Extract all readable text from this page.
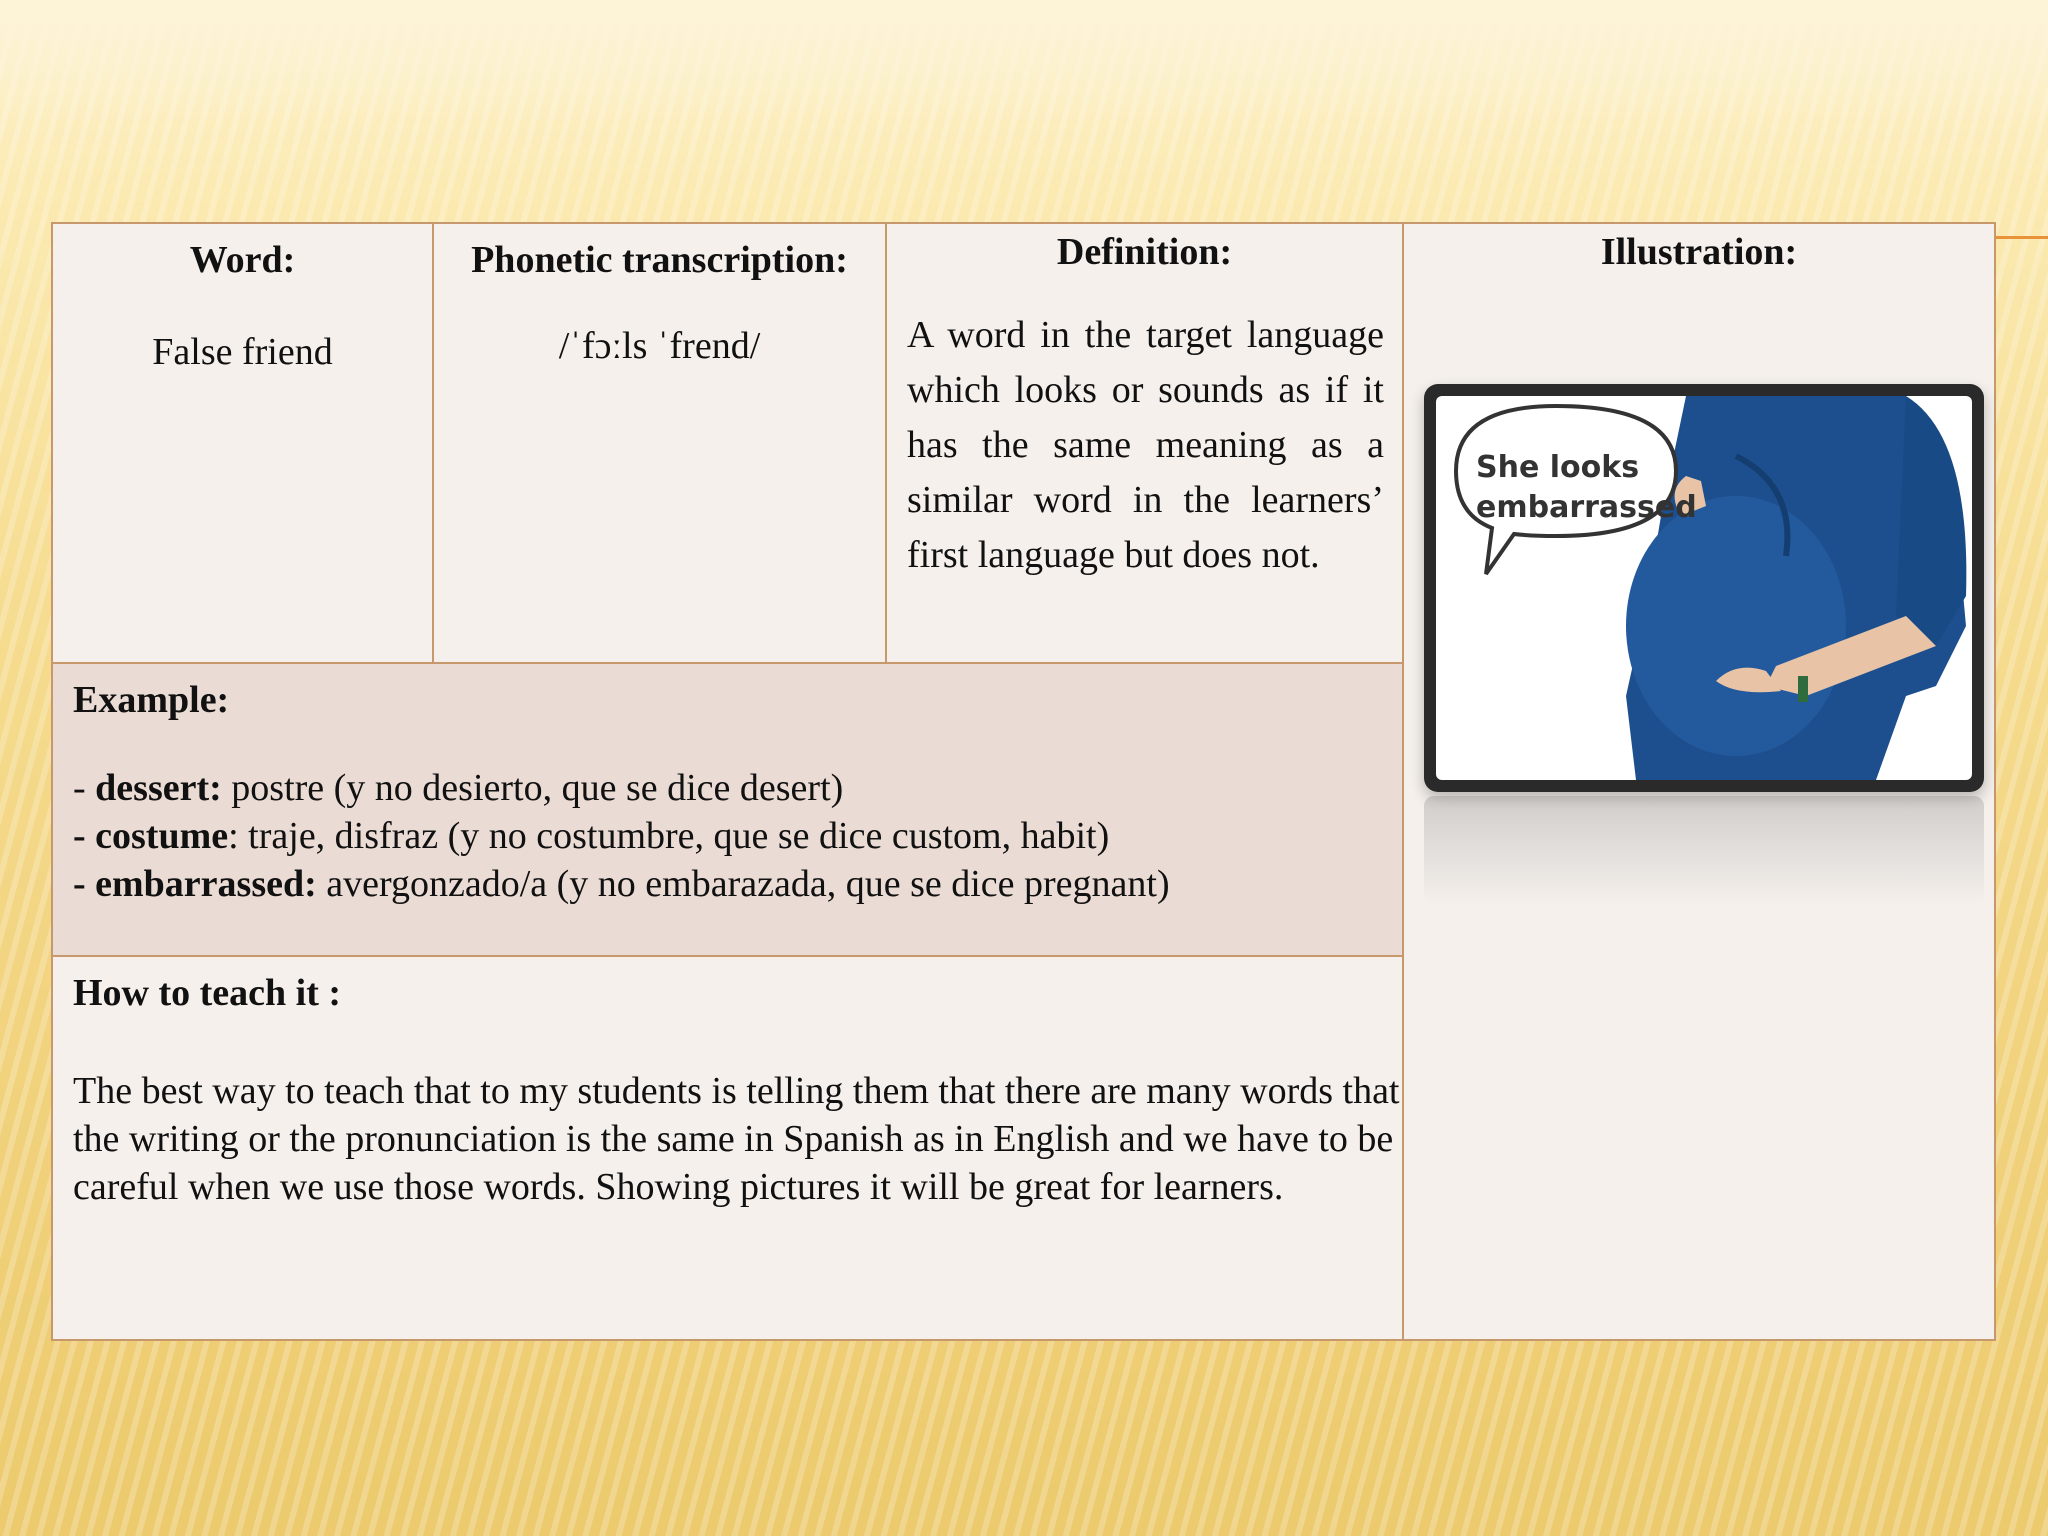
Word:
False friend
Phonetic transcription:
/ˈfɔːls ˈfrend/
Definition:
A word in the target language which looks or sounds as if it has the same meaning as a similar word in the learners’ first language but does not.
Illustration:
Example:
- dessert: postre (y no desierto, que se dice desert)
- costume: traje, disfraz (y no costumbre, que se dice custom, habit)
- embarrassed: avergonzado/a (y no embarazada, que se dice pregnant)
How to teach it :
The best way to teach that to my students is telling them that there are many words that the writing or the pronunciation is the same in Spanish as in English and we have to be careful when we use those words. Showing pictures it will be great for learners.
She looks
embarrassed
